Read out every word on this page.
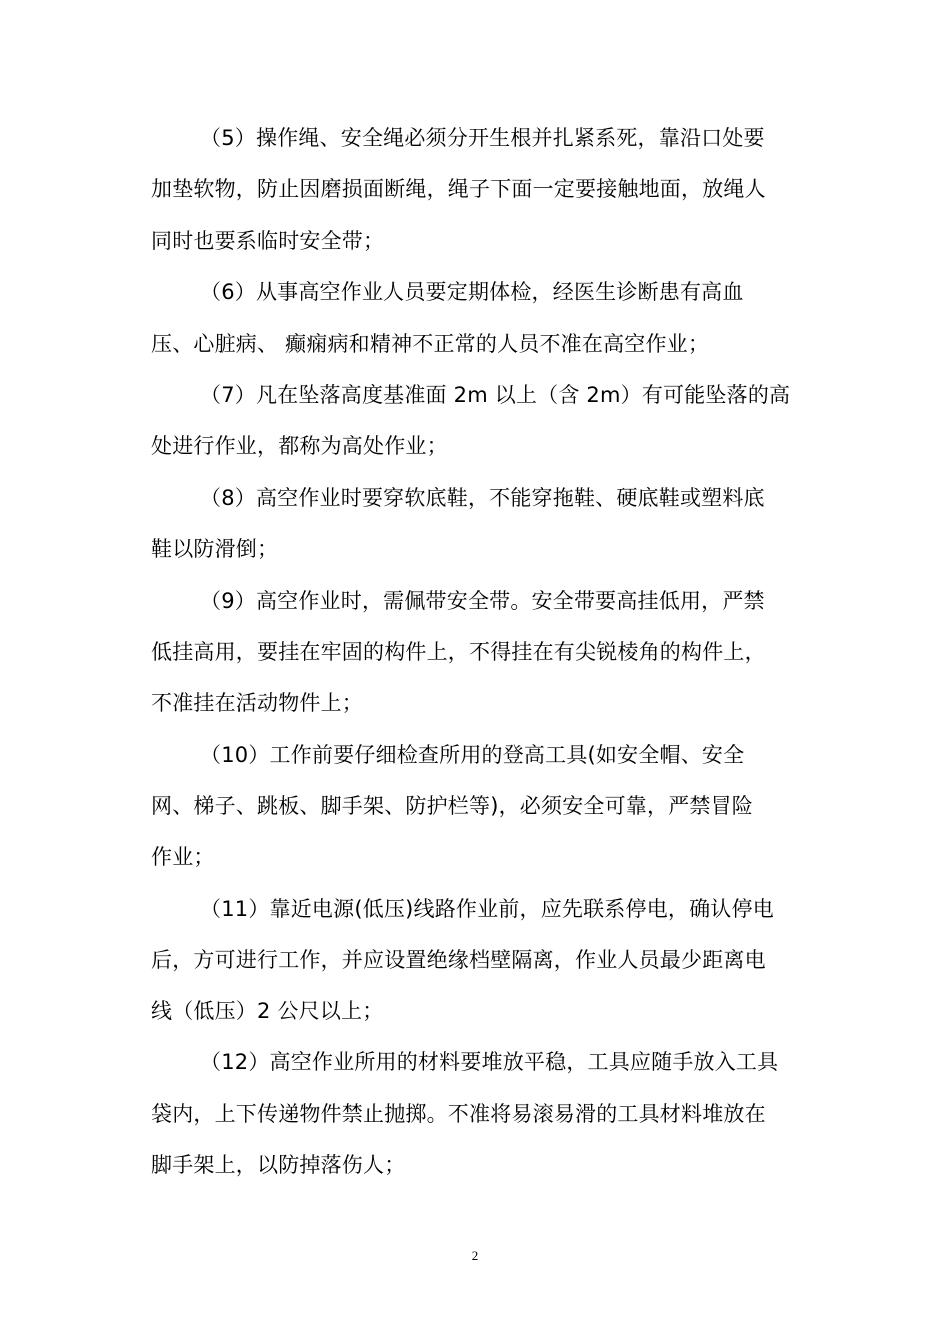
（5）操作绳、安全绳必须分开生根并扎紧系死，靠沿口处要
加垫软物，防止因磨损面断绳，绳子下面一定要接触地面，放绳人
同时也要系临时安全带；
（6）从事高空作业人员要定期体检，经医生诊断患有高血
压、心脏病、 癫痫病和精神不正常的人员不准在高空作业；
（7）凡在坠落高度基准面 2m 以上（含 2m）有可能坠落的高
处进行作业，都称为高处作业；
（8）高空作业时要穿软底鞋，不能穿拖鞋、硬底鞋或塑料底
鞋以防滑倒；
（9）高空作业时，需佩带安全带。安全带要高挂低用，严禁
低挂高用，要挂在牢固的构件上，不得挂在有尖锐棱角的构件上，
不准挂在活动物件上；
（10）工作前要仔细检查所用的登高工具(如安全帽、安全
网、梯子、跳板、脚手架、防护栏等)，必须安全可靠，严禁冒险
作业；
（11）靠近电源(低压)线路作业前，应先联系停电，确认停电
后，方可进行工作，并应设置绝缘档壁隔离，作业人员最少距离电
线（低压）2 公尺以上；
（12）高空作业所用的材料要堆放平稳，工具应随手放入工具
袋内，上下传递物件禁止抛掷。不准将易滚易滑的工具材料堆放在
脚手架上，以防掉落伤人；
2
